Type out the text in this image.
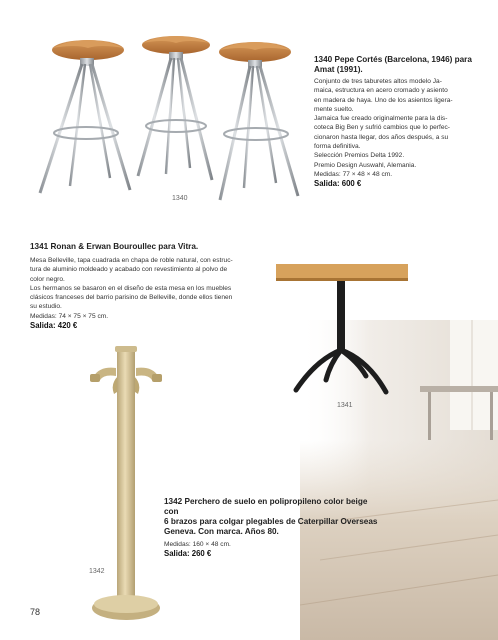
1340
1340 Pepe Cortés (Barcelona, 1946) para
Amat (1991).

Conjunto de tres taburetes altos modelo Ja-

maica, estructura en acero cromado y asiento

en madera de haya. Uno de los asientos ligera-

mente suelto.

Jamaica fue creado originalmente para la dis-

coteca Big Ben y sufrió cambios que lo perfec-

cionaron hasta llegar, dos años después, a su

forma definitiva.

Selección Premios Delta 1992.

Premio Design Auswahl, Alemania.

Medidas: 77 × 48 × 48 cm.

Salida: 600 €
1341 Ronan & Erwan Bouroullec para Vitra.

Mesa Belleville, tapa cuadrada en chapa de roble natural, con estruc-

tura de aluminio moldeado y acabado con revestimiento al polvo de

color negro.

Los hermanos se basaron en el diseño de esta mesa en los muebles

clásicos franceses del barrio parisino de Belleville, donde ellos tienen

su estudio.

Medidas: 74 × 75 × 75 cm.

Salida: 420 €
1341
1342
1342 Perchero de suelo en polipropileno color beige con
6 brazos para colgar plegables de Caterpillar Overseas
Geneva. Con marca. Años 80.

Medidas: 160 × 48 cm.

Salida: 260 €
78
